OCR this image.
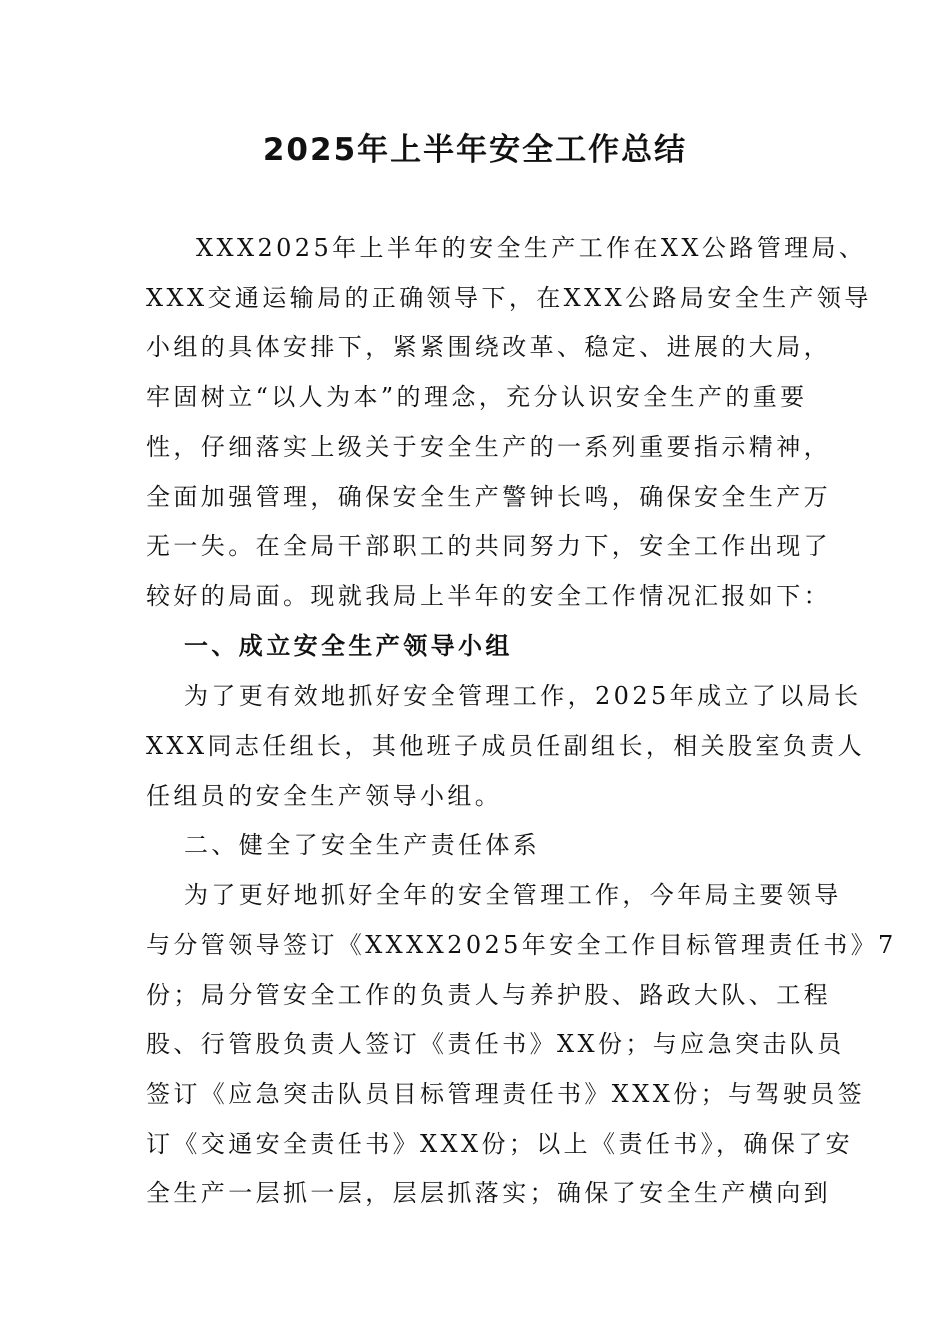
2025年上半年安全工作总结
XXX2025年上半年的安全生产工作在XX公路管理局、
XXX交通运输局的正确领导下，在XXX公路局安全生产领导
小组的具体安排下，紧紧围绕改革、稳定、进展的大局，
牢固树立“以人为本”的理念，充分认识安全生产的重要
性，仔细落实上级关于安全生产的一系列重要指示精神，
全面加强管理，确保安全生产警钟长鸣，确保安全生产万
无一失。在全局干部职工的共同努力下，安全工作出现了
较好的局面。现就我局上半年的安全工作情况汇报如下：
一、成立安全生产领导小组
为了更有效地抓好安全管理工作，2025年成立了以局长
XXX同志任组长，其他班子成员任副组长，相关股室负责人
任组员的安全生产领导小组。
二、健全了安全生产责任体系
为了更好地抓好全年的安全管理工作，今年局主要领导
与分管领导签订《XXXX2025年安全工作目标管理责任书》7
份；局分管安全工作的负责人与养护股、路政大队、工程
股、行管股负责人签订《责任书》XX份；与应急突击队员
签订《应急突击队员目标管理责任书》XXX份；与驾驶员签
订《交通安全责任书》XXX份；以上《责任书》，确保了安
全生产一层抓一层，层层抓落实；确保了安全生产横向到
